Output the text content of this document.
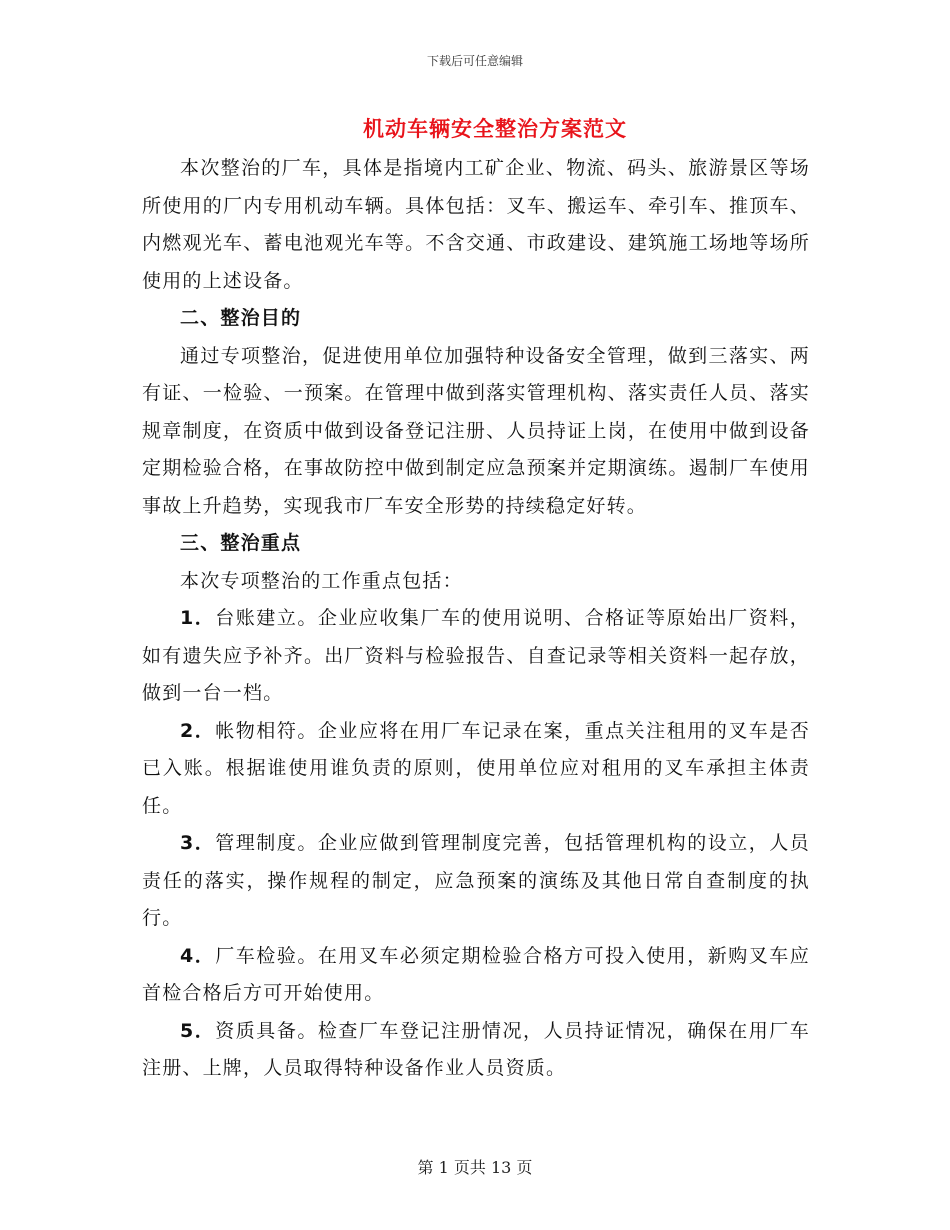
下载后可任意编辑
机动车辆安全整治方案范文

本次整治的厂车，具体是指境内工矿企业、物流、码头、旅游景区等场所使用的厂内专用机动车辆。具体包括：叉车、搬运车、牵引车、推顶车、内燃观光车、蓄电池观光车等。不含交通、市政建设、建筑施工场地等场所使用的上述设备。

二、整治目的

通过专项整治，促进使用单位加强特种设备安全管理，做到三落实、两有证、一检验、一预案。在管理中做到落实管理机构、落实责任人员、落实规章制度，在资质中做到设备登记注册、人员持证上岗，在使用中做到设备定期检验合格，在事故防控中做到制定应急预案并定期演练。遏制厂车使用事故上升趋势，实现我市厂车安全形势的持续稳定好转。

三、整治重点

本次专项整治的工作重点包括：

1．台账建立。企业应收集厂车的使用说明、合格证等原始出厂资料，如有遗失应予补齐。出厂资料与检验报告、自查记录等相关资料一起存放，做到一台一档。

2．帐物相符。企业应将在用厂车记录在案，重点关注租用的叉车是否已入账。根据谁使用谁负责的原则，使用单位应对租用的叉车承担主体责任。

3．管理制度。企业应做到管理制度完善，包括管理机构的设立，人员责任的落实，操作规程的制定，应急预案的演练及其他日常自查制度的执行。

4．厂车检验。在用叉车必须定期检验合格方可投入使用，新购叉车应首检合格后方可开始使用。

5．资质具备。检查厂车登记注册情况，人员持证情况，确保在用厂车注册、上牌，人员取得特种设备作业人员资质。

第 1 页共 13 页
